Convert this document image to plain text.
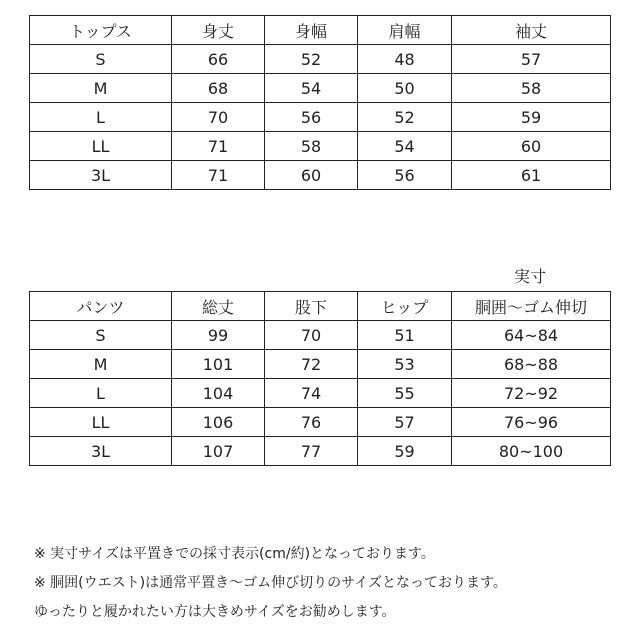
トップス	身丈	身幅	肩幅	袖丈
S	66	52	48	57
M	68	54	50	58
L	70	56	52	59
LL	71	58	54	60
3L	71	60	56	61
実寸
パンツ	総丈	股下	ヒップ	胴囲〜ゴム伸切
S	99	70	51	64~84
M	101	72	53	68~88
L	104	74	55	72~92
LL	106	76	57	76~96
3L	107	77	59	80~100
※ 実寸サイズは平置きでの採寸表示(cm/約)となっております。
※ 胴囲(ウエスト)は通常平置き〜ゴム伸び切りのサイズとなっております。
ゆったりと履かれたい方は大きめサイズをお勧めします。
